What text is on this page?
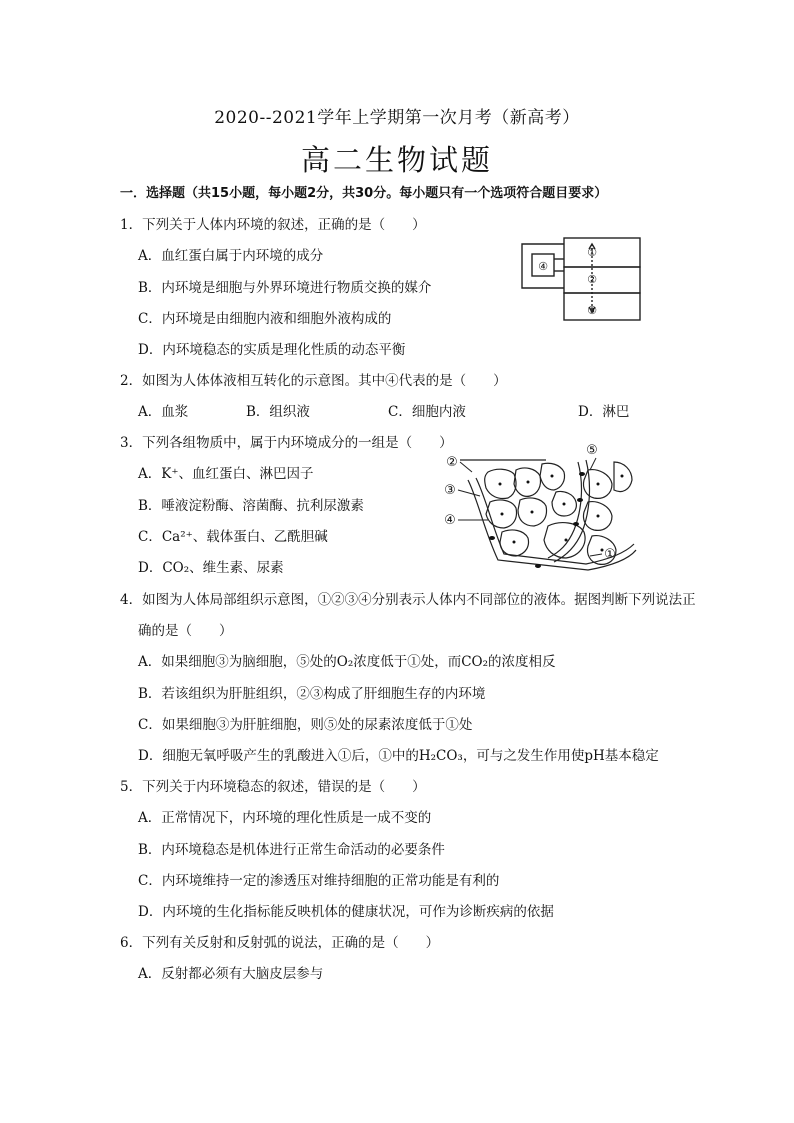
2020--2021学年上学期第一次月考（新高考）
高二生物试题
一．选择题（共15小题，每小题2分，共30分。每小题只有一个选项符合题目要求）
1．下列关于人体内环境的叙述，正确的是（　　）
A．血红蛋白属于内环境的成分
B．内环境是细胞与外界环境进行物质交换的媒介
C．内环境是由细胞内液和细胞外液构成的
D．内环境稳态的实质是理化性质的动态平衡
①
②
③
④
2．如图为人体体液相互转化的示意图。其中④代表的是（　　）
A．血浆	B．组织液	C．细胞内液	D．淋巴
3．下列各组物质中，属于内环境成分的一组是（　　）
A．K⁺、血红蛋白、淋巴因子
B．唾液淀粉酶、溶菌酶、抗利尿激素
C．Ca²⁺、载体蛋白、乙酰胆碱
D．CO₂、维生素、尿素
②
③
④
⑤
①
4．如图为人体局部组织示意图，①②③④分别表示人体内不同部位的液体。据图判断下列说法正
确的是（　　）
A．如果细胞③为脑细胞，⑤处的O₂浓度低于①处，而CO₂的浓度相反
B．若该组织为肝脏组织，②③构成了肝细胞生存的内环境
C．如果细胞③为肝脏细胞，则⑤处的尿素浓度低于①处
D．细胞无氧呼吸产生的乳酸进入①后，①中的H₂CO₃，可与之发生作用使pH基本稳定
5．下列关于内环境稳态的叙述，错误的是（　　）
A．正常情况下，内环境的理化性质是一成不变的
B．内环境稳态是机体进行正常生命活动的必要条件
C．内环境维持一定的渗透压对维持细胞的正常功能是有利的
D．内环境的生化指标能反映机体的健康状况，可作为诊断疾病的依据
6．下列有关反射和反射弧的说法，正确的是（　　）
A．反射都必须有大脑皮层参与
